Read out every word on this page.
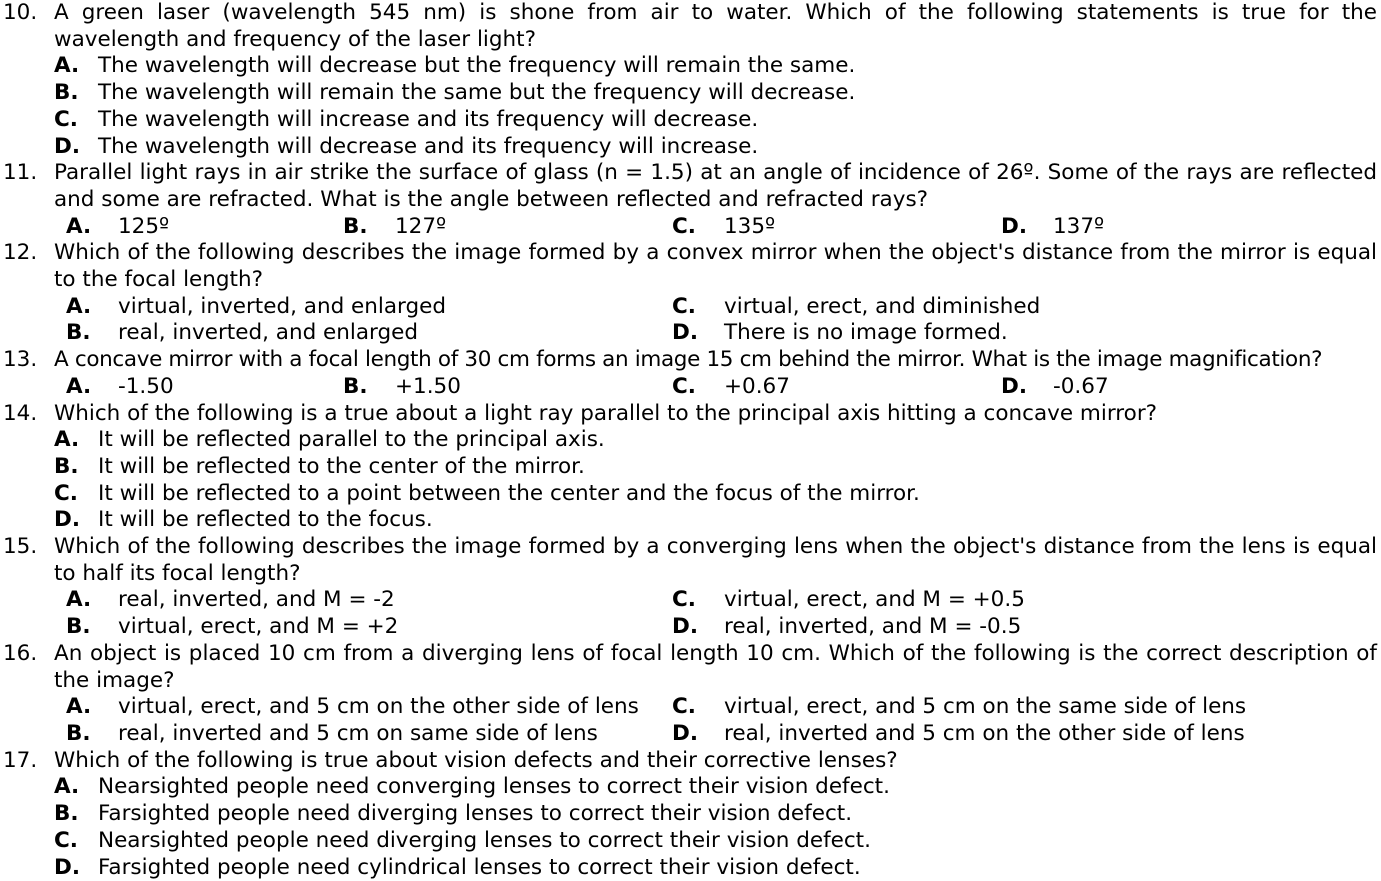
10. A green laser (wavelength 545 nm) is shone from air to water. Which of the following statements is true for the wavelength and frequency of the laser light?
A. The wavelength will decrease but the frequency will remain the same.
B. The wavelength will remain the same but the frequency will decrease.
C. The wavelength will increase and its frequency will decrease.
D. The wavelength will decrease and its frequency will increase.
11. Parallel light rays in air strike the surface of glass (n = 1.5) at an angle of incidence of 26º. Some of the rays are reflected and some are refracted. What is the angle between reflected and refracted rays?
A.	125º	B.	127º	C.	135º	D.	137º
12. Which of the following describes the image formed by a convex mirror when the object's distance from the mirror is equal to the focal length?
A.	virtual, inverted, and enlarged	C.	virtual, erect, and diminished
B.	real, inverted, and enlarged	D.	There is no image formed.
13. A concave mirror with a focal length of 30 cm forms an image 15 cm behind the mirror. What is the image magnification?
A.	-1.50	B.	+1.50	C.	+0.67	D.	-0.67
14. Which of the following is a true about a light ray parallel to the principal axis hitting a concave mirror?
A. It will be reflected parallel to the principal axis.
B. It will be reflected to the center of the mirror.
C. It will be reflected to a point between the center and the focus of the mirror.
D. It will be reflected to the focus.
15. Which of the following describes the image formed by a converging lens when the object's distance from the lens is equal to half its focal length?
A.	real, inverted, and M = -2	C.	virtual, erect, and M = +0.5
B.	virtual, erect, and M = +2	D.	real, inverted, and M = -0.5
16. An object is placed 10 cm from a diverging lens of focal length 10 cm. Which of the following is the correct description of the image?
A.	virtual, erect, and 5 cm on the other side of lens C.	virtual, erect, and 5 cm on the same side of lens
B.	real, inverted and 5 cm on same side of lens	D.	real, inverted and 5 cm on the other side of lens
17. Which of the following is true about vision defects and their corrective lenses?
A. Nearsighted people need converging lenses to correct their vision defect.
B. Farsighted people need diverging lenses to correct their vision defect.
C. Nearsighted people need diverging lenses to correct their vision defect.
D. Farsighted people need cylindrical lenses to correct their vision defect.
